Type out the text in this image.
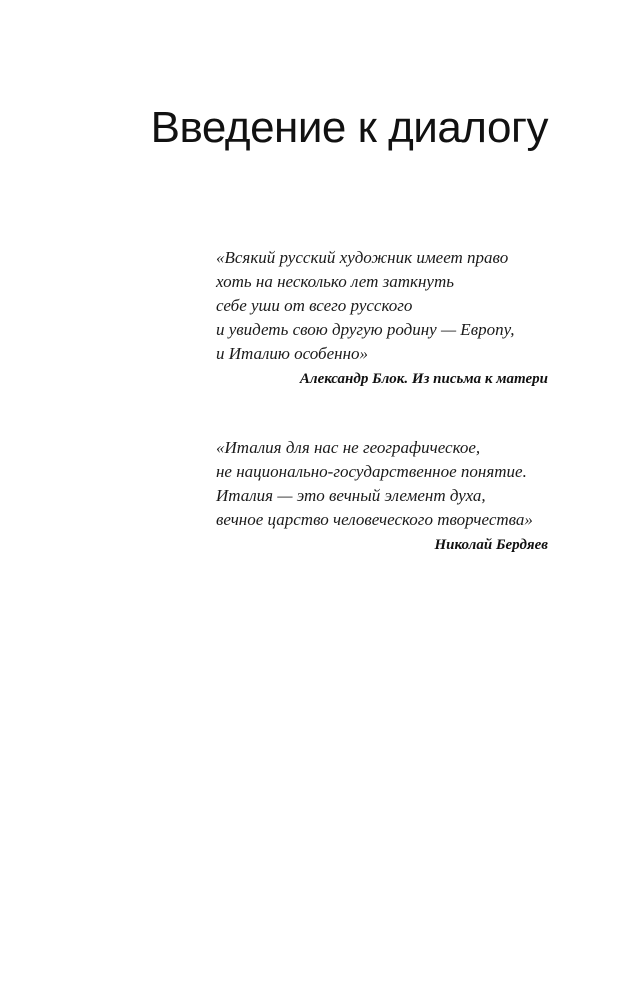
Введение к диалогу
«Всякий русский художник имеет право
хоть на несколько лет заткнуть
себе уши от всего русского
и увидеть свою другую родину — Европу,
и Италию особенно»
Александр Блок. Из письма к матери
«Италия для нас не географическое,
не национально-государственное понятие.
Италия — это вечный элемент духа,
вечное царство человеческого творчества»
Николай Бердяев
